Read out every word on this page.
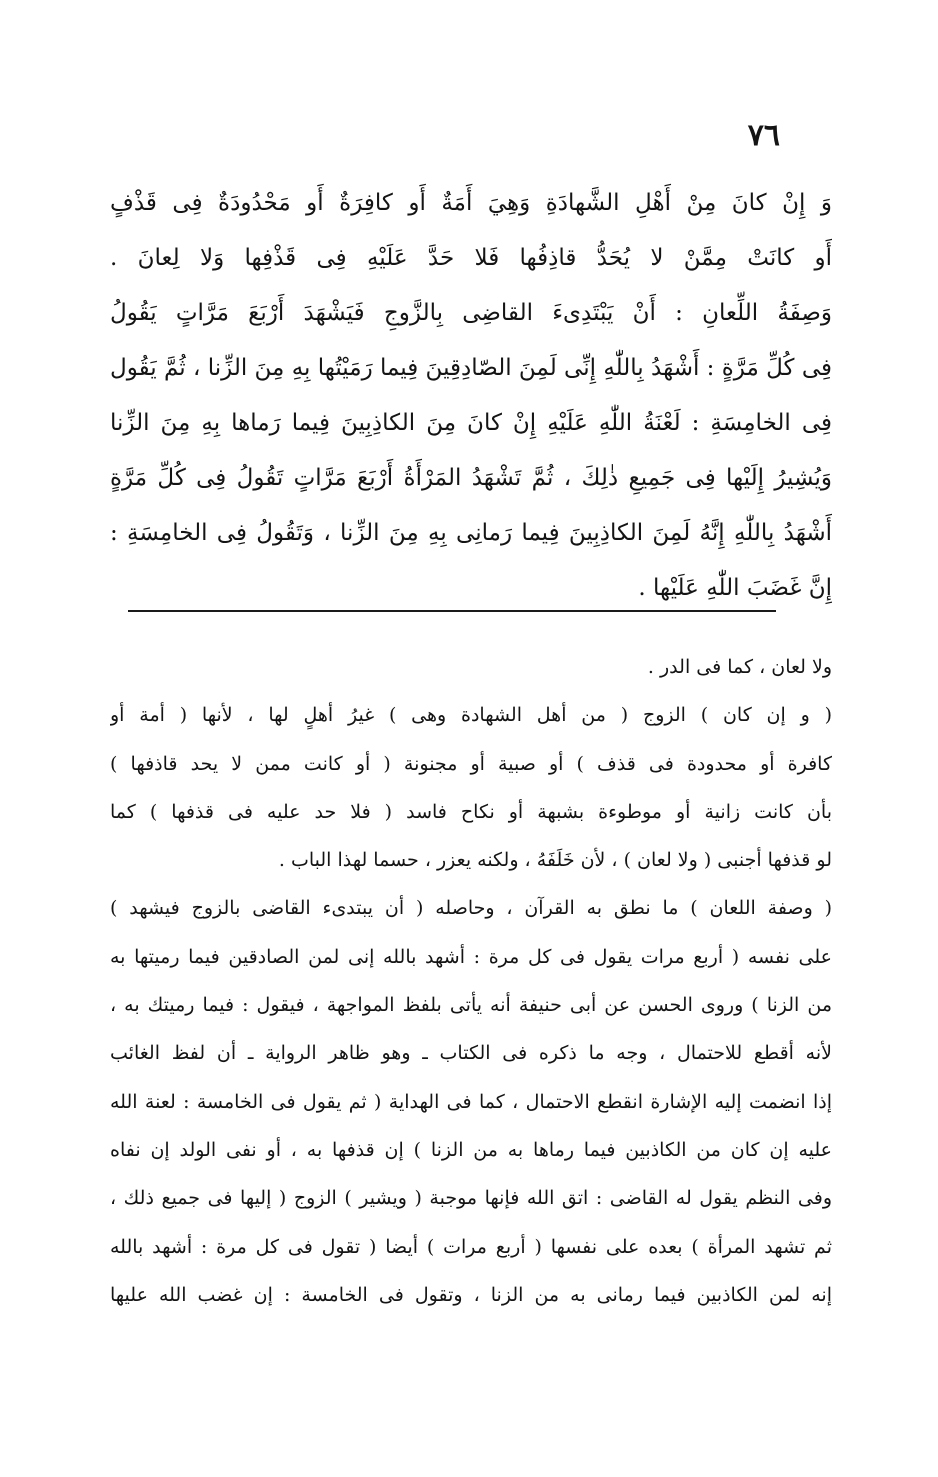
٧٦
وَ إِنْ كانَ مِنْ أَهْلِ الشَّهادَةِ وَهِيَ أَمَةٌ أَو كافِرَةٌ أَو مَحْدُودَةٌ فِى قَذْفٍ
أَو كانَتْ مِمَّنْ لا يُحَدُّ قاذِفُها فَلا حَدَّ عَلَيْهِ فِى قَذْفِها وَلا لِعانَ .
وَصِفَةُ اللِّعانِ : أَنْ يَبْتَدِىءَ القاضِى بِالزَّوجِ فَيَشْهَدَ أَرْبَعَ مَرَّاتٍ يَقُولُ
فِى كُلِّ مَرَّةٍ : أَشْهَدُ بِاللّٰهِ إِنِّى لَمِنَ الصّادِقِينَ فِيما رَمَيْتُها بِهِ مِنَ الزِّنا ، ثُمَّ يَقُول
فِى الخامِسَةِ : لَعْنَةُ اللّٰهِ عَلَيْهِ إِنْ كانَ مِنَ الكاذِبِينَ فِيما رَماها بِهِ مِنَ الزِّنا
وَيُشِيرُ إِلَيْها فِى جَمِيعِ ذٰلِكَ ، ثُمَّ تَشْهَدُ المَرْأَةُ أَرْبَعَ مَرَّاتٍ تَقُولُ فِى كُلِّ مَرَّةٍ
أَشْهَدُ بِاللّٰهِ إِنَّهُ لَمِنَ الكاذِبِينَ فِيما رَمانِى بِهِ مِنَ الزِّنا ، وَتَقُولُ فِى الخامِسَةِ :
إِنَّ غَضَبَ اللّٰهِ عَلَيْها .
ولا لعان ، كما فى الدر .
( و إن كان ) الزوج ( من أهل الشهادة وهى ) غيرُ أهلٍ لها ، لأنها ( أمة أو
كافرة أو محدودة فى قذف ) أو صبية أو مجنونة ( أو كانت ممن لا يحد قاذفها )
بأن كانت زانية أو موطوءة بشبهة أو نكاح فاسد ( فلا حد عليه فى قذفها ) كما
لو قذفها أجنبى ( ولا لعان ) ، لأن خَلَفَهُ ، ولكنه يعزر ، حسما لهذا الباب .
( وصفة اللعان ) ما نطق به القرآن ، وحاصله ( أن يبتدىء القاضى بالزوج فيشهد )
على نفسه ( أربع مرات يقول فى كل مرة : أشهد بالله إنى لمن الصادقين فيما رميتها به
من الزنا ) وروى الحسن عن أبى حنيفة أنه يأتى بلفظ المواجهة ، فيقول : فيما رميتك به ،
لأنه أقطع للاحتمال ، وجه ما ذكره فى الكتاب ـ وهو ظاهر الرواية ـ أن لفظ الغائب
إذا انضمت إليه الإشارة انقطع الاحتمال ، كما فى الهداية ( ثم يقول فى الخامسة : لعنة الله
عليه إن كان من الكاذبين فيما رماها به من الزنا ) إن قذفها به ، أو نفى الولد إن نفاه
وفى النظم يقول له القاضى : اتق الله فإنها موجبة ( ويشير ) الزوج ( إليها فى جميع ذلك ،
ثم تشهد المرأة ) بعده على نفسها ( أربع مرات ) أيضا ( تقول فى كل مرة : أشهد بالله
إنه لمن الكاذبين فيما رمانى به من الزنا ، وتقول فى الخامسة : إن غضب الله عليها
